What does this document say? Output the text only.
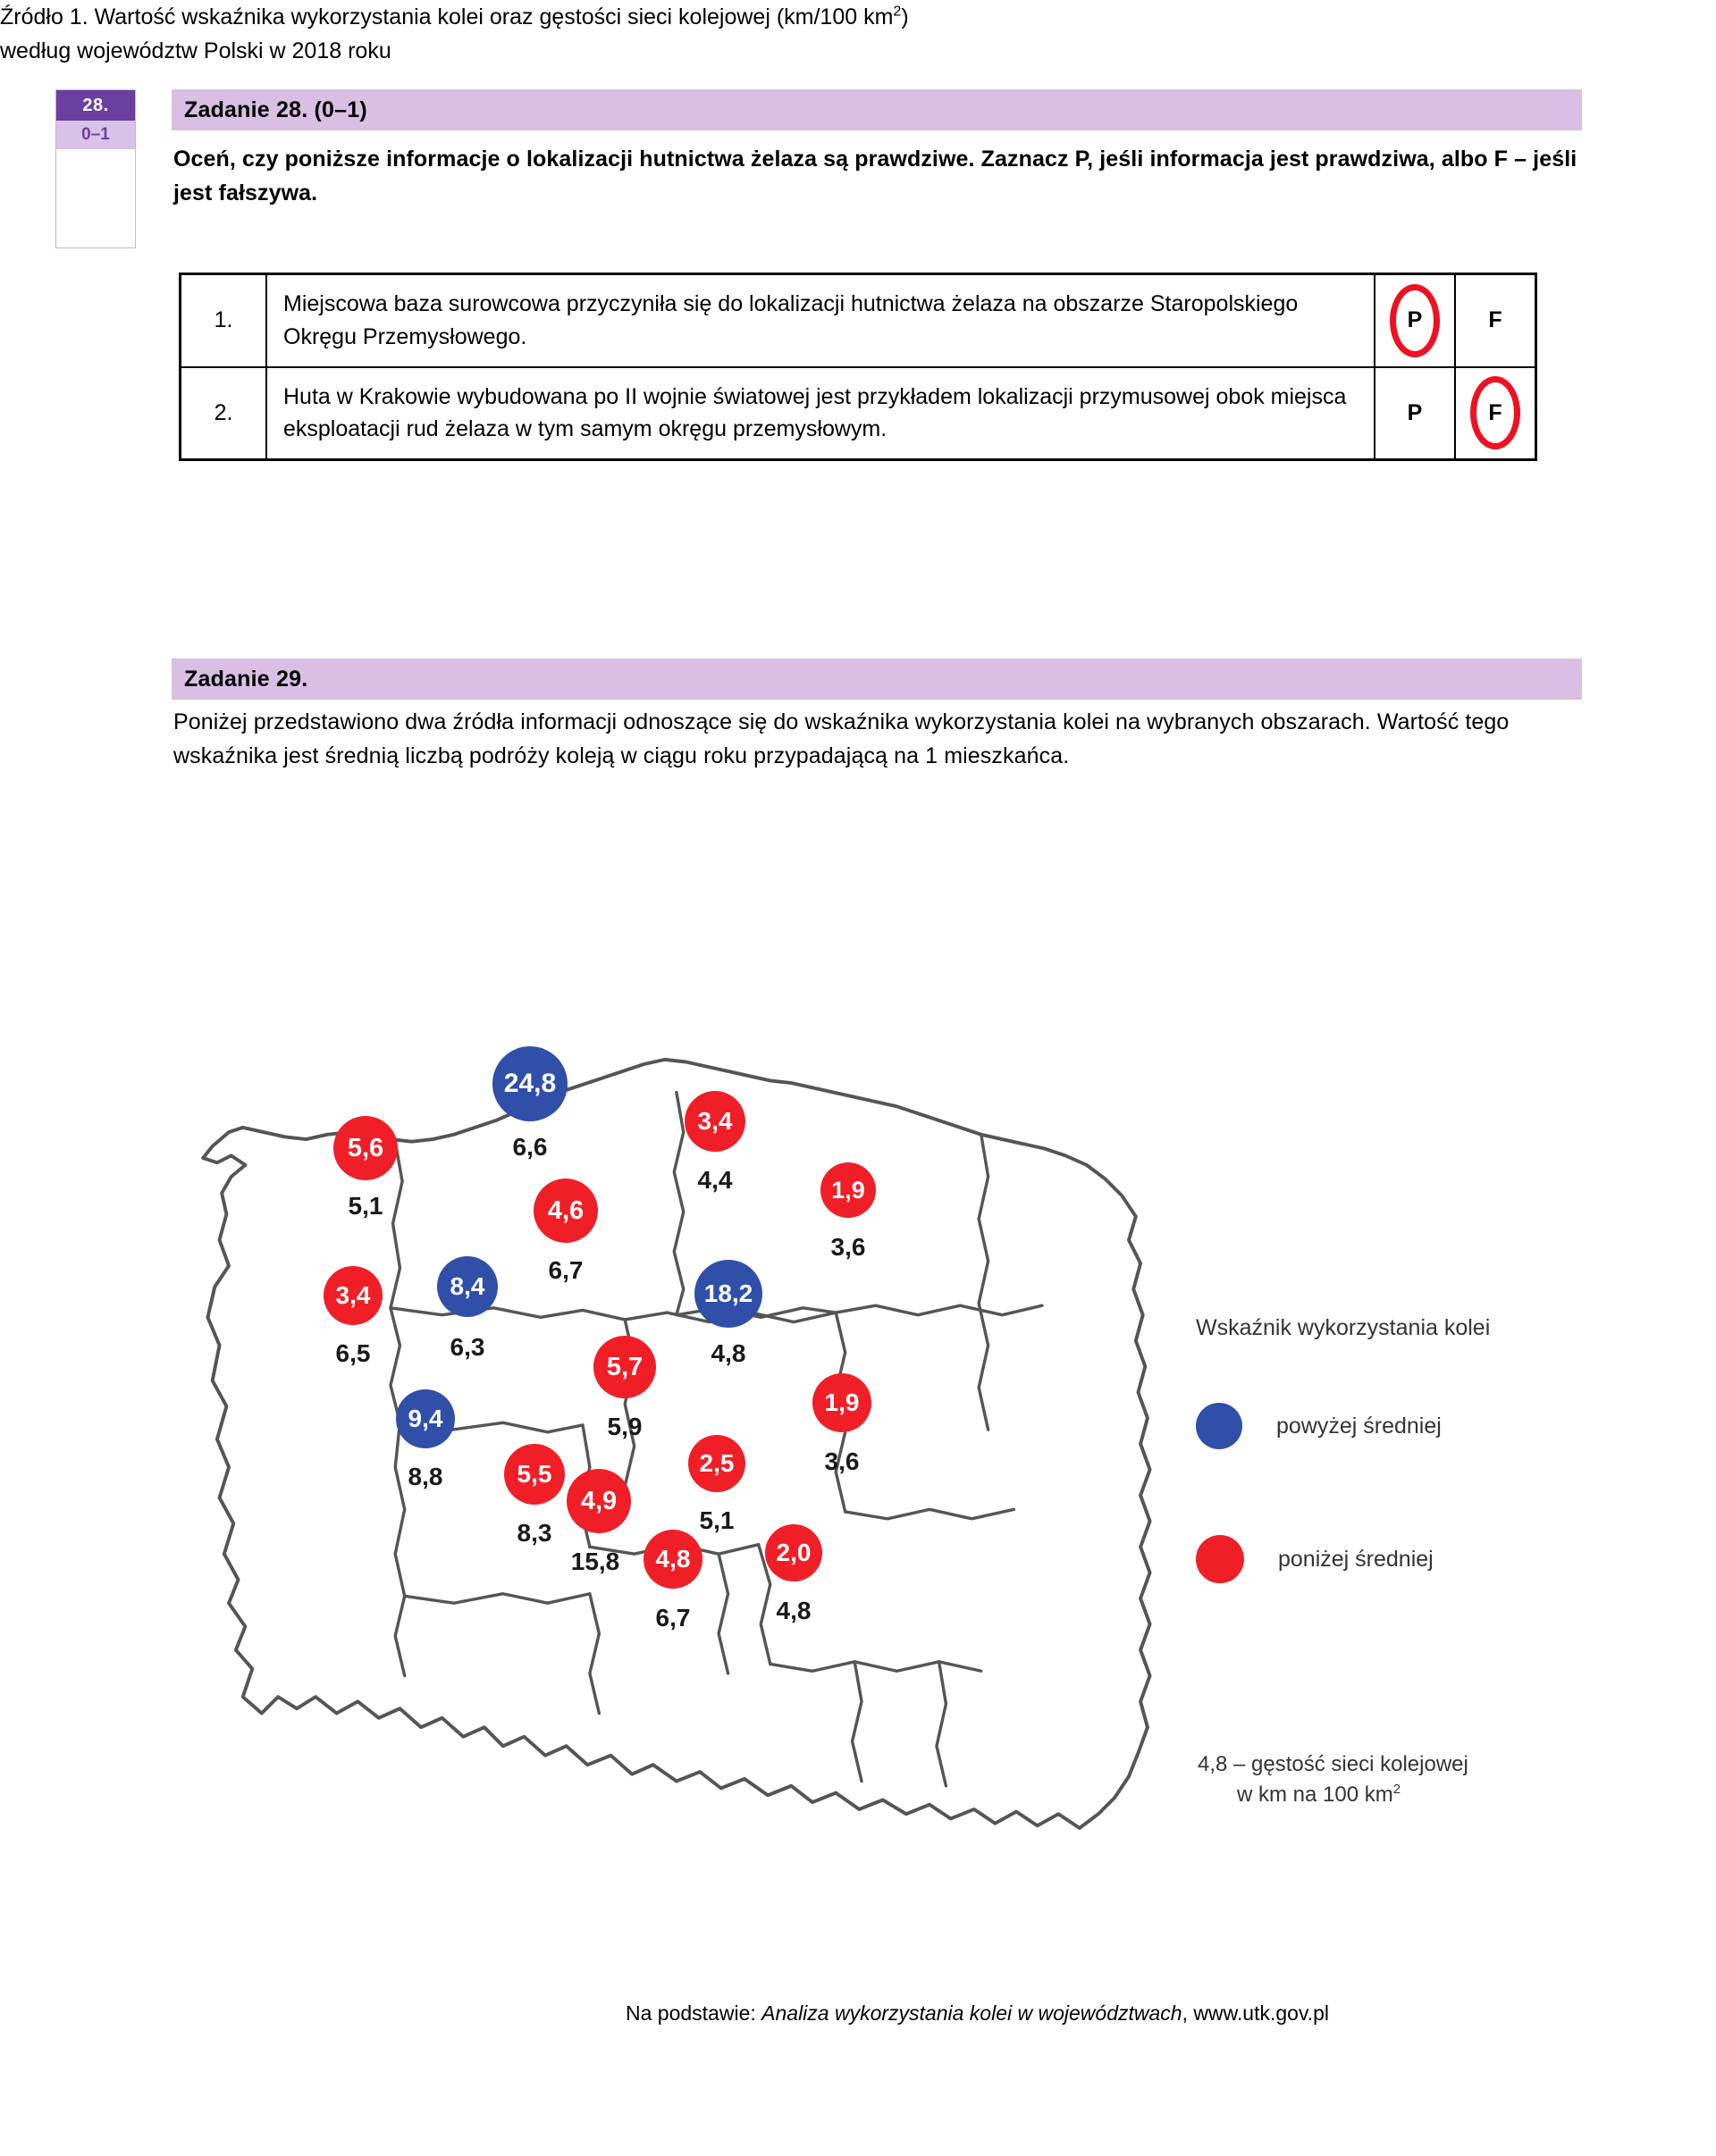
28.
0–1
Zadanie 28. (0–1)
Oceń, czy poniższe informacje o lokalizacji hutnictwa żelaza są prawdziwe. Zaznacz P, jeśli informacja jest prawdziwa, albo F – jeśli jest fałszywa.
1.	Miejscowa baza surowcowa przyczyniła się do lokalizacji hutnictwa żelaza na obszarze Staropolskiego Okręgu Przemysłowego.	P	F
2.	Huta w Krakowie wybudowana po II wojnie światowej jest przykładem lokalizacji przymusowej obok miejsca eksploatacji rud żelaza w tym samym okręgu przemysłowym.	P	F
Zadanie 29.
Poniżej przedstawiono dwa źródła informacji odnoszące się do wskaźnika wykorzystania kolei na wybranych obszarach. Wartość tego wskaźnika jest średnią liczbą podróży koleją w ciągu roku przypadającą na 1 mieszkańca.
Źródło 1. Wartość wskaźnika wykorzystania kolei oraz gęstości sieci kolejowej (km/100 $km^2$)
według województw Polski w 2018 roku
24,8
6,6
5,6
5,1
3,4
4,4	1,9
3,6
4,6
6,7
18,2
4,8
3,4
6,5
8,4
6,3
5,7
5,9
1,9
3,6
9,4
8,8	5,5
8,3
4,9
15,8
2,5
5,1
4,8
6,7
2,0
4,8
Wskaźnik wykorzystania kolei
powyżej średniej
poniżej średniej
4,8 – gęstość sieci kolejowej
w km na 100 $km^2$
Na podstawie: Analiza wykorzystania kolei w województwach, www.utk.gov.pl
